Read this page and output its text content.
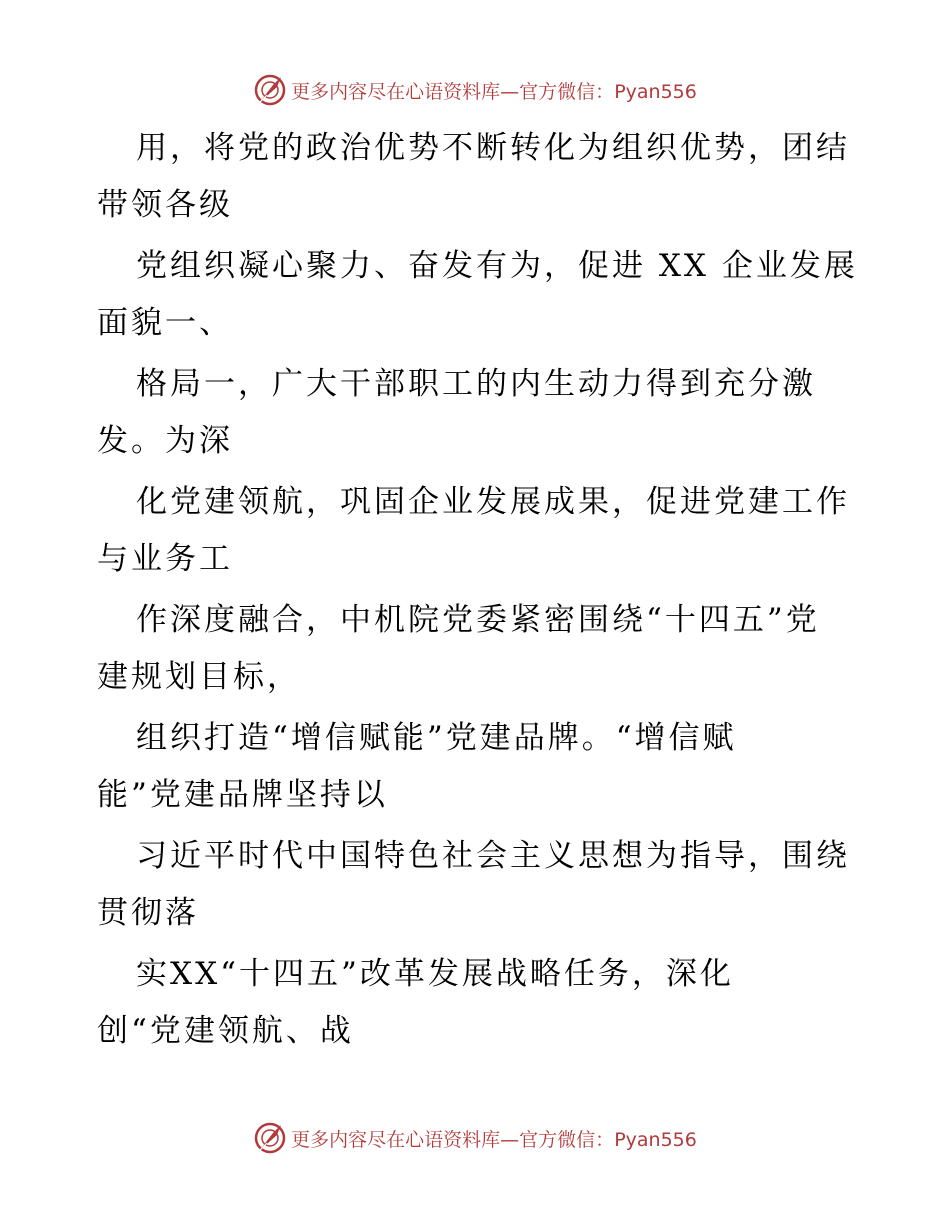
更多内容尽在心语资料库—官方微信：Pyan556
用，将党的政治优势不断转化为组织优势，团结
带领各级
党组织凝心聚力、奋发有为，促进 XX 企业发展
面貌一、
格局一，广大干部职工的内生动力得到充分激
发。为深
化党建领航，巩固企业发展成果，促进党建工作
与业务工
作深度融合，中机院党委紧密围绕“十四五”党
建规划目标，
组织打造“增信赋能”党建品牌。“增信赋
能”党建品牌坚持以
习近平时代中国特色社会主义思想为指导，围绕
贯彻落
实XX“十四五”改革发展战略任务，深化
创“党建领航、战
更多内容尽在心语资料库—官方微信：Pyan556
